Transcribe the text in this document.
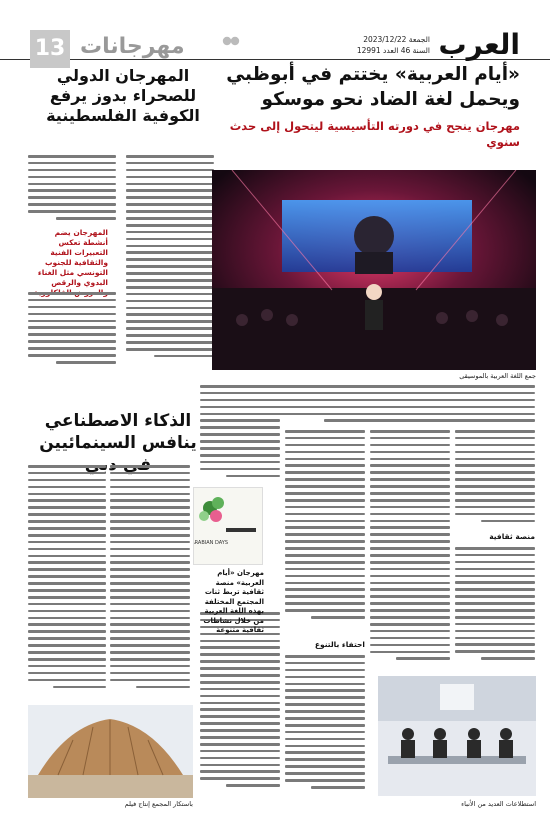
13 مهرجانات	الجمعة 2023/12/22
السنة 46 العدد 12991 العرب
«أيام العربية» يختتم في أبوظبي ويحمل لغة الضاد نحو موسكو
مهرجان ينجح في دورته التأسيسية ليتحول إلى حدث سنوي
المهرجان الدولي للصحراء بدوز يرفع الكوفية الفلسطينية
المهرجان يضم أنشطة تعكس التعبيرات الفنية والثقافية للجنوب التونسي مثل الغناء البدوي والرقص
جمع اللغة العربية بالموسيقى
منصة ثقافية
احتفاء بالتنوع
ARABIAN DAYS
مهرجان «أيام العربية» منصة ثقافية تربط ثنات المجتمع المختلفة بهذه اللغة العربية من خلال نشاطات ثقافية متنوعة
الذكاء الاصطناعي ينافس السينمائيين
باستكار المجمع إنتاج فيلم	استطلاعات العديد من الأنباء
